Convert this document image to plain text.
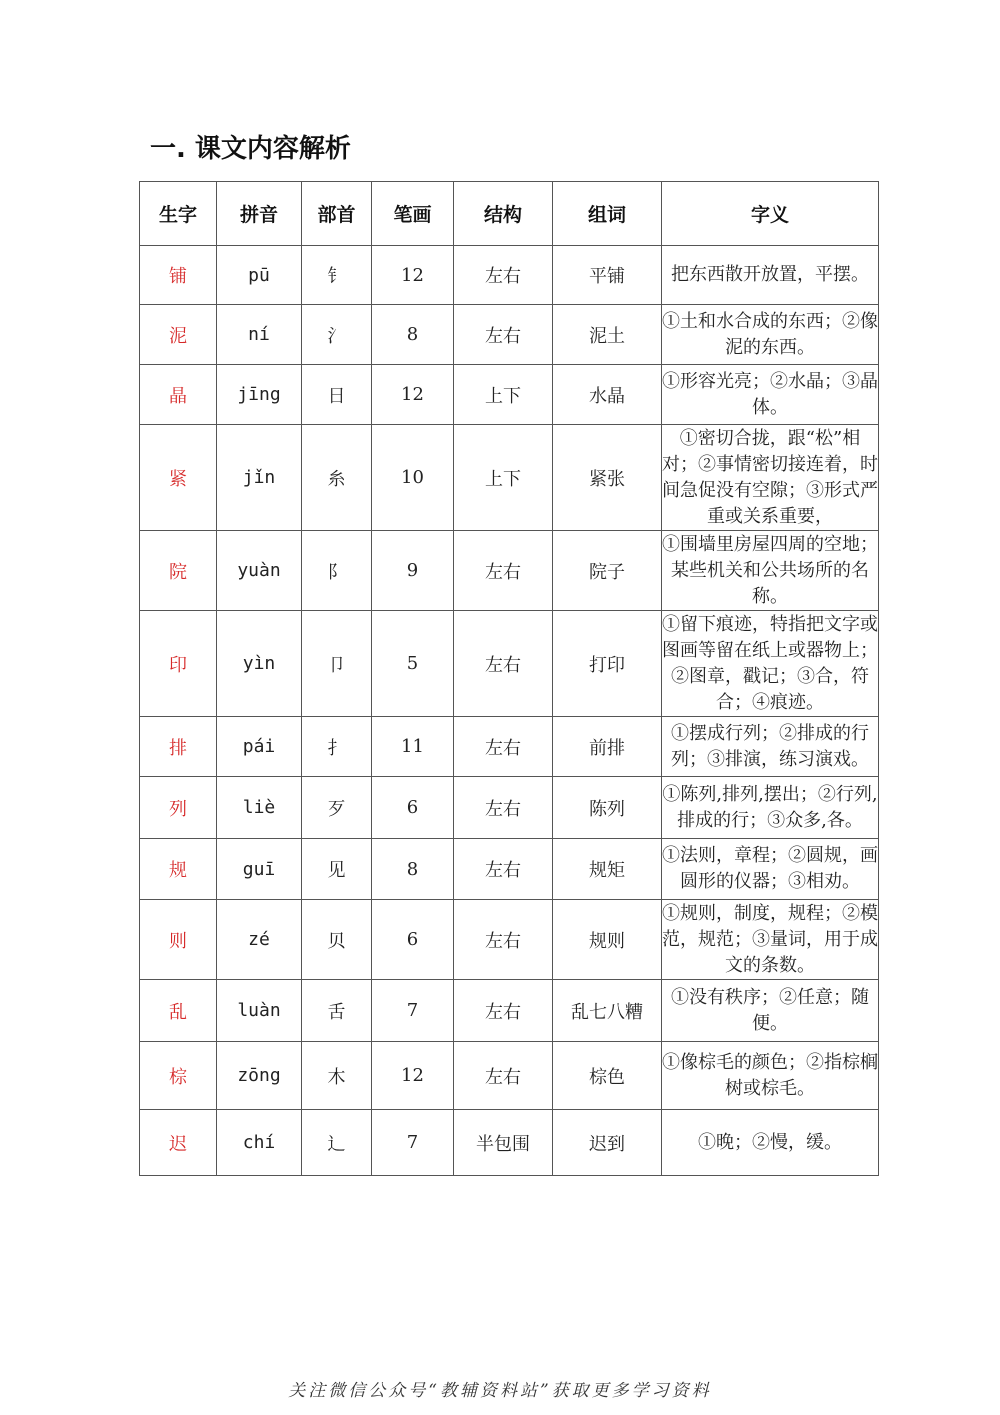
一. 课文内容解析
生字	拼音	部首	笔画	结构	组词	字义
铺	pū	钅	12	左右	平铺	把东西散开放置，平摆。
泥	ní	氵	8	左右	泥土	①土和水合成的东西；②像泥的东西。
晶	jīng	日	12	上下	水晶	①形容光亮；②水晶；③晶体。
紧	jǐn	糸	10	上下	紧张	①密切合拢，跟“松”相对；②事情密切接连着，时间急促没有空隙；③形式严重或关系重要，
院	yuàn	阝	9	左右	院子	①围墙里房屋四周的空地；某些机关和公共场所的名称。
印	yìn	卩	5	左右	打印	①留下痕迹，特指把文字或图画等留在纸上或器物上；②图章，戳记；③合，符合；④痕迹。
排	pái	扌	11	左右	前排	①摆成行列；②排成的行列；③排演，练习演戏。
列	liè	歹	6	左右	陈列	①陈列,排列,摆出；②行列,排成的行；③众多,各。
规	guī	见	8	左右	规矩	①法则，章程；②圆规，画圆形的仪器；③相劝。
则	zé	贝	6	左右	规则	①规则，制度，规程；②模范，规范；③量词，用于成文的条数。
乱	luàn	舌	7	左右	乱七八糟	①没有秩序；②任意；随便。
棕	zōng	木	12	左右	棕色	①像棕毛的颜色；②指棕榈树或棕毛。
迟	chí	辶	7	半包围	迟到	①晚；②慢，缓。
关注微信公众号“教辅资料站”获取更多学习资料
